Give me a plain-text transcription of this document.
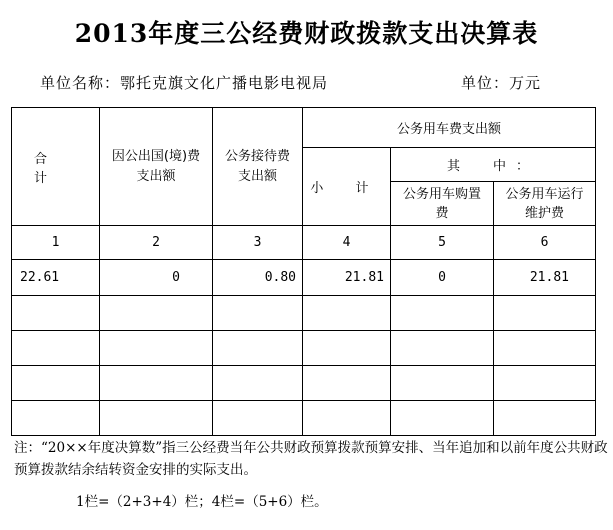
2013年度三公经费财政拨款支出决算表
单位名称：鄂托克旗文化广播电影电视局	单位：万元
合　计	因公出国(境)费支出额	公务接待费支出额	公务用车费支出额		
			小 计	其　中：	

				公务用车购置费	公务用车运行维护费

1	2	3	4	5	6
22.61	0	0.80	21.81	0	21.81

注：“20××年度决算数”指三公经费当年公共财政预算拨款预算安排、当年追加和以前年度公共财政预算拨款结余结转资金安排的实际支出。
1栏=（2+3+4）栏；4栏=（5+6）栏。
